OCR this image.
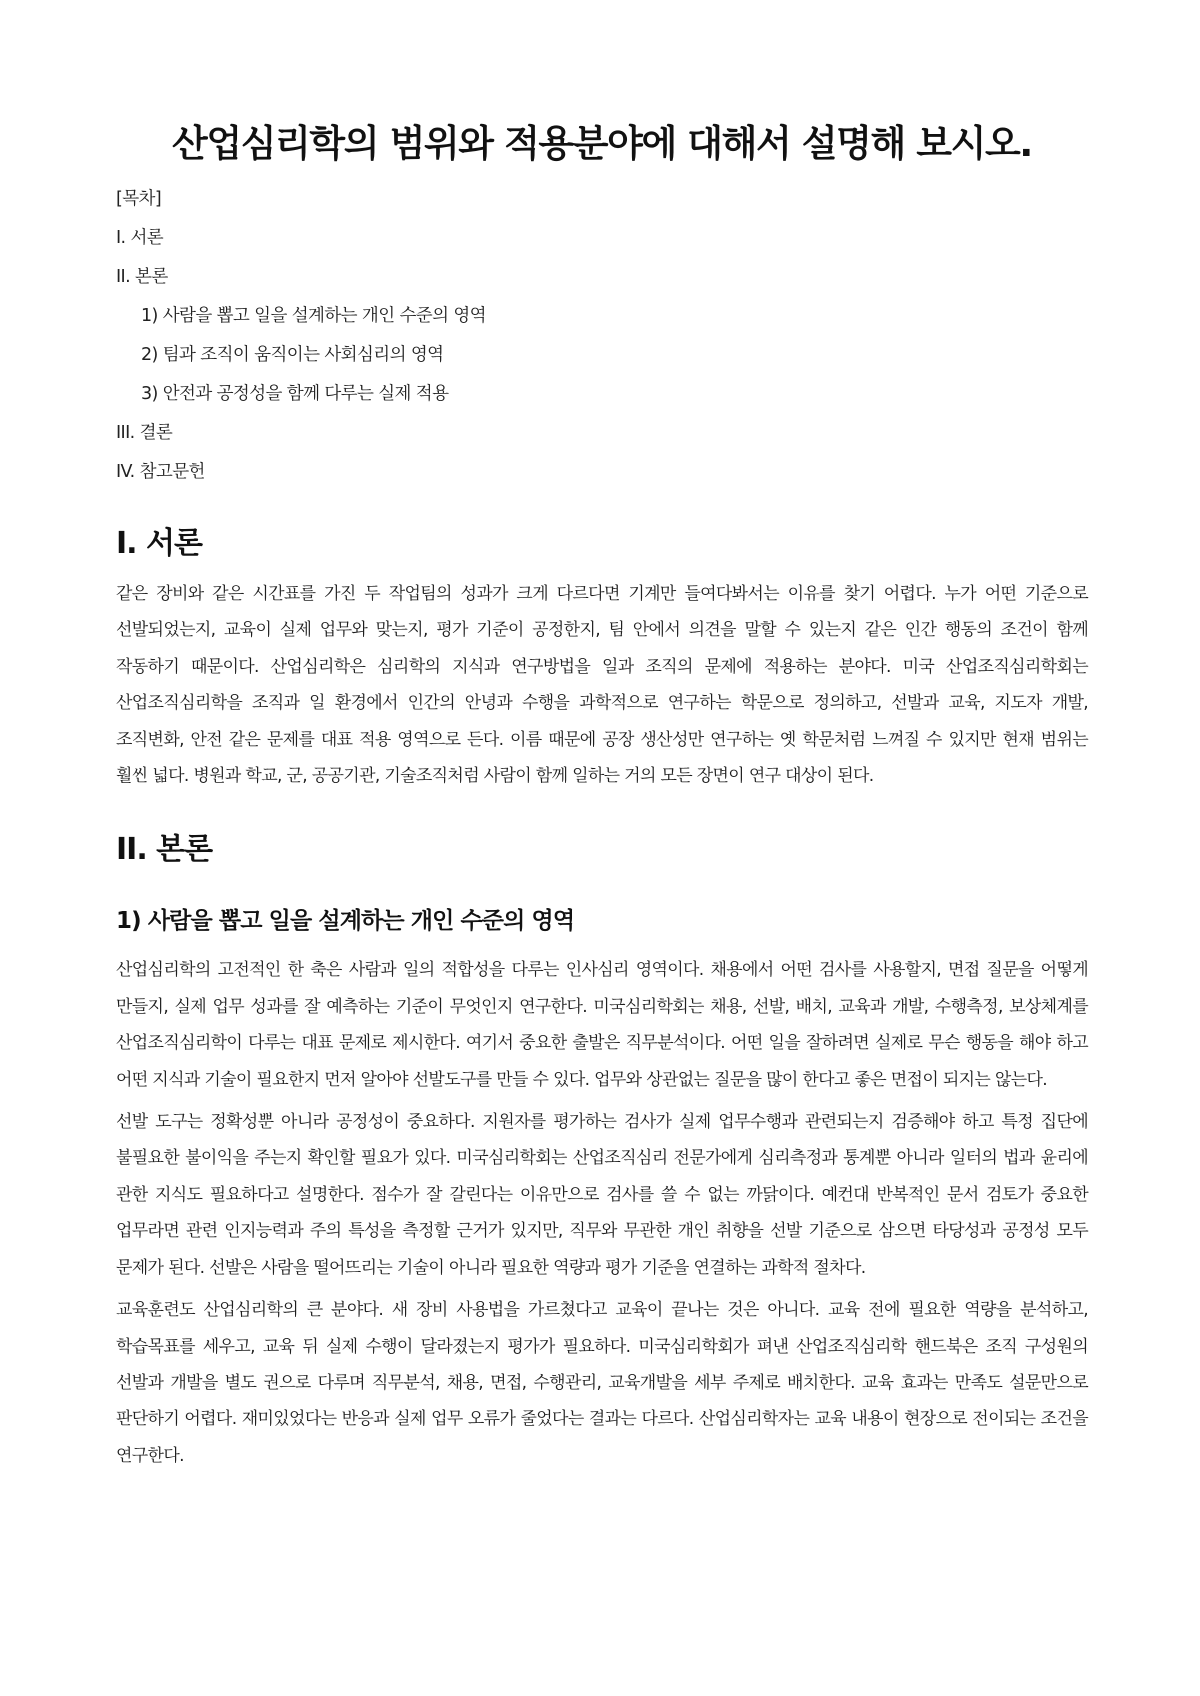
산업심리학의 범위와 적용분야에 대해서 설명해 보시오.
[목차]
I. 서론
II. 본론
1) 사람을 뽑고 일을 설계하는 개인 수준의 영역
2) 팀과 조직이 움직이는 사회심리의 영역
3) 안전과 공정성을 함께 다루는 실제 적용
III. 결론
IV. 참고문헌
I. 서론

같은 장비와 같은 시간표를 가진 두 작업팀의 성과가 크게 다르다면 기계만 들여다봐서는 이유를 찾기 어렵다. 누가 어떤 기준으로 선발되었는지, 교육이 실제 업무와 맞는지, 평가 기준이 공정한지, 팀 안에서 의견을 말할 수 있는지 같은 인간 행동의 조건이 함께 작동하기 때문이다. 산업심리학은 심리학의 지식과 연구방법을 일과 조직의 문제에 적용하는 분야다. 미국 산업조직심리학회는 산업조직심리학을 조직과 일 환경에서 인간의 안녕과 수행을 과학적으로 연구하는 학문으로 정의하고, 선발과 교육, 지도자 개발, 조직변화, 안전 같은 문제를 대표 적용 영역으로 든다. 이름 때문에 공장 생산성만 연구하는 옛 학문처럼 느껴질 수 있지만 현재 범위는 훨씬 넓다. 병원과 학교, 군, 공공기관, 기술조직처럼 사람이 함께 일하는 거의 모든 장면이 연구 대상이 된다.

II. 본론
1) 사람을 뽑고 일을 설계하는 개인 수준의 영역

산업심리학의 고전적인 한 축은 사람과 일의 적합성을 다루는 인사심리 영역이다. 채용에서 어떤 검사를 사용할지, 면접 질문을 어떻게 만들지, 실제 업무 성과를 잘 예측하는 기준이 무엇인지 연구한다. 미국심리학회는 채용, 선발, 배치, 교육과 개발, 수행측정, 보상체계를 산업조직심리학이 다루는 대표 문제로 제시한다. 여기서 중요한 출발은 직무분석이다. 어떤 일을 잘하려면 실제로 무슨 행동을 해야 하고 어떤 지식과 기술이 필요한지 먼저 알아야 선발도구를 만들 수 있다. 업무와 상관없는 질문을 많이 한다고 좋은 면접이 되지는 않는다.

선발 도구는 정확성뿐 아니라 공정성이 중요하다. 지원자를 평가하는 검사가 실제 업무수행과 관련되는지 검증해야 하고 특정 집단에 불필요한 불이익을 주는지 확인할 필요가 있다. 미국심리학회는 산업조직심리 전문가에게 심리측정과 통계뿐 아니라 일터의 법과 윤리에 관한 지식도 필요하다고 설명한다. 점수가 잘 갈린다는 이유만으로 검사를 쓸 수 없는 까닭이다. 예컨대 반복적인 문서 검토가 중요한 업무라면 관련 인지능력과 주의 특성을 측정할 근거가 있지만, 직무와 무관한 개인 취향을 선발 기준으로 삼으면 타당성과 공정성 모두 문제가 된다. 선발은 사람을 떨어뜨리는 기술이 아니라 필요한 역량과 평가 기준을 연결하는 과학적 절차다.

교육훈련도 산업심리학의 큰 분야다. 새 장비 사용법을 가르쳤다고 교육이 끝나는 것은 아니다. 교육 전에 필요한 역량을 분석하고, 학습목표를 세우고, 교육 뒤 실제 수행이 달라졌는지 평가가 필요하다. 미국심리학회가 펴낸 산업조직심리학 핸드북은 조직 구성원의 선발과 개발을 별도 권으로 다루며 직무분석, 채용, 면접, 수행관리, 교육개발을 세부 주제로 배치한다. 교육 효과는 만족도 설문만으로 판단하기 어렵다. 재미있었다는 반응과 실제 업무 오류가 줄었다는 결과는 다르다. 산업심리학자는 교육 내용이 현장으로 전이되는 조건을 연구한다.
